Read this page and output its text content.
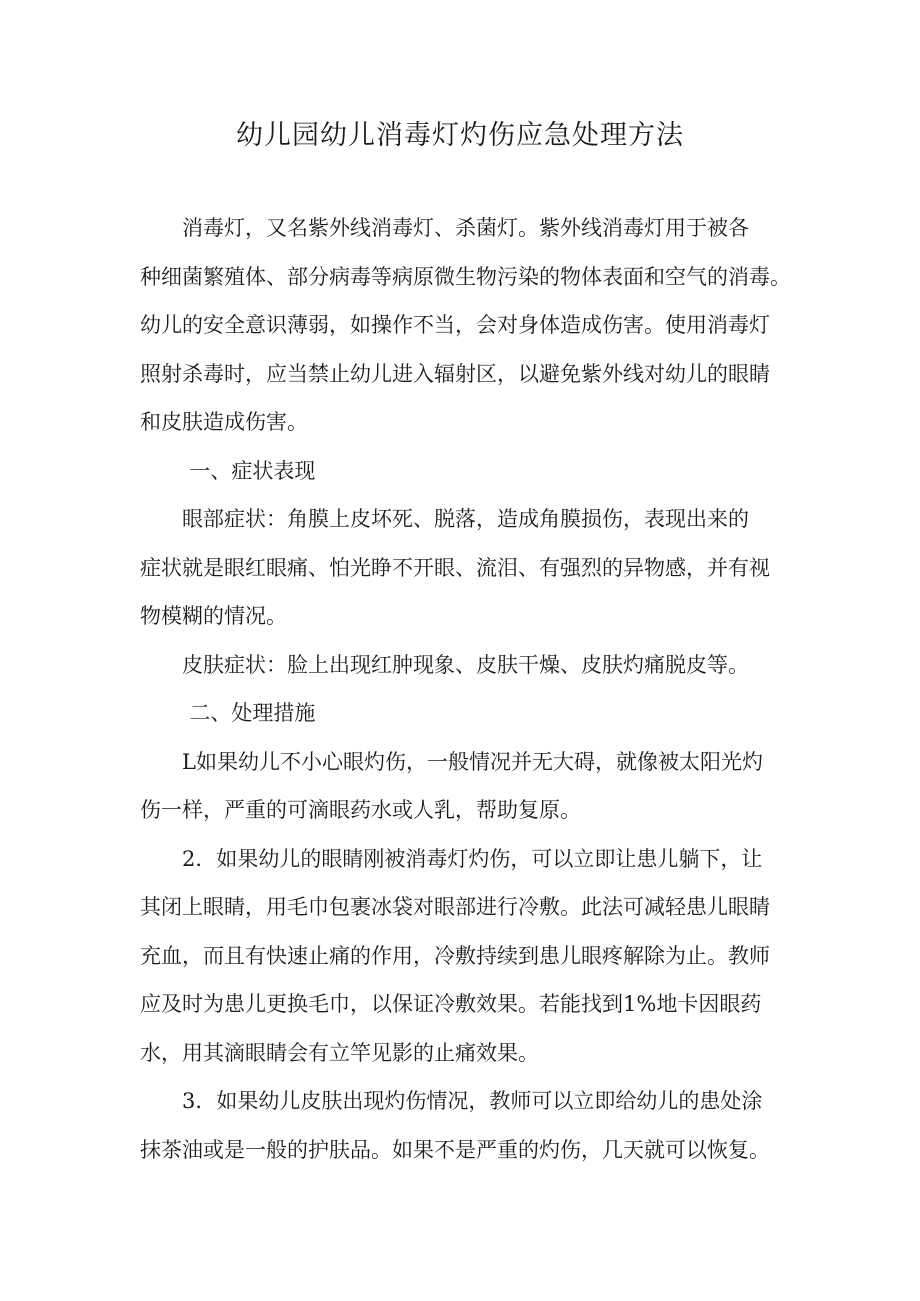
幼儿园幼儿消毒灯灼伤应急处理方法
消毒灯，又名紫外线消毒灯、杀菌灯。紫外线消毒灯用于被各
种细菌繁殖体、部分病毒等病原微生物污染的物体表面和空气的消毒。
幼儿的安全意识薄弱，如操作不当，会对身体造成伤害。使用消毒灯
照射杀毒时，应当禁止幼儿进入辐射区，以避免紫外线对幼儿的眼睛
和皮肤造成伤害。
一、症状表现
眼部症状：角膜上皮坏死、脱落，造成角膜损伤，表现出来的
症状就是眼红眼痛、怕光睁不开眼、流泪、有强烈的异物感，并有视
物模糊的情况。
皮肤症状：脸上出现红肿现象、皮肤干燥、皮肤灼痛脱皮等。
二、处理措施
L如果幼儿不小心眼灼伤，一般情况并无大碍，就像被太阳光灼
伤一样，严重的可滴眼药水或人乳，帮助复原。
2．如果幼儿的眼睛刚被消毒灯灼伤，可以立即让患儿躺下，让
其闭上眼睛，用毛巾包裹冰袋对眼部进行冷敷。此法可减轻患儿眼睛
充血，而且有快速止痛的作用，冷敷持续到患儿眼疼解除为止。教师
应及时为患儿更换毛巾，以保证冷敷效果。若能找到1%地卡因眼药
水，用其滴眼睛会有立竿见影的止痛效果。
3．如果幼儿皮肤出现灼伤情况，教师可以立即给幼儿的患处涂
抹茶油或是一般的护肤品。如果不是严重的灼伤，几天就可以恢复。
